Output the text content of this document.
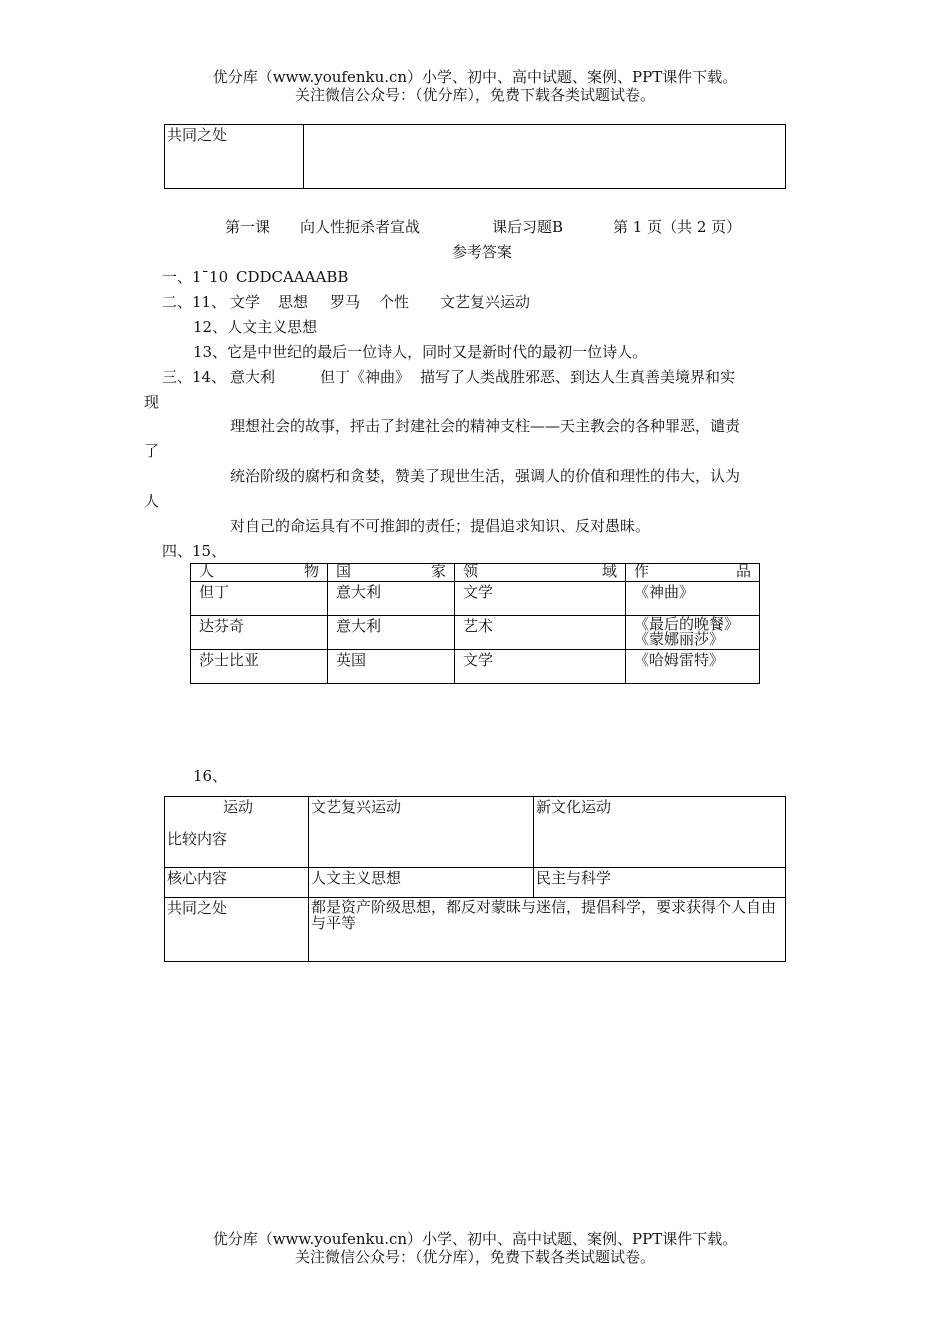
优分库（www.youfenku.cn）小学、初中、高中试题、案例、PPT课件下载。
关注微信公众号：（优分库），免费下载各类试题试卷。
共同之处	
第一课 向人性扼杀者宣战	课后习题B	第 1 页（共 2 页）
参考答案
一、1¯10 CDDCAAAABB
二、11、 文学 思想 罗马 个性 文艺复兴运动
12、人文主义思想
13、它是中世纪的最后一位诗人，同时又是新时代的最初一位诗人。
三、14、 意大利	但丁《神曲》 描写了人类战胜邪恶、到达人生真善美境界和实
现
理想社会的故事，抨击了封建社会的精神支柱——天主教会的各种罪恶，谴责
了
统治阶级的腐朽和贪婪，赞美了现世生活，强调人的价值和理性的伟大，认为
人
对自己的命运具有不可推卸的责任；提倡追求知识、反对愚昧。
四、15、
人 物	国 家	领 域	作 品

但丁	意大利	文学	《神曲》
达芬奇	意大利	艺术	《最后的晚餐》
《蒙娜丽莎》

莎士比亚	英国	文学	《哈姆雷特》
16、
运动
比较内容	文艺复兴运动	新文化运动
核心内容	人文主义思想	民主与科学
共同之处	都是资产阶级思想，都反对蒙昧与迷信，提倡科学，要求获得个人自由与平等	
优分库（www.youfenku.cn）小学、初中、高中试题、案例、PPT课件下载。
关注微信公众号：（优分库），免费下载各类试题试卷。
